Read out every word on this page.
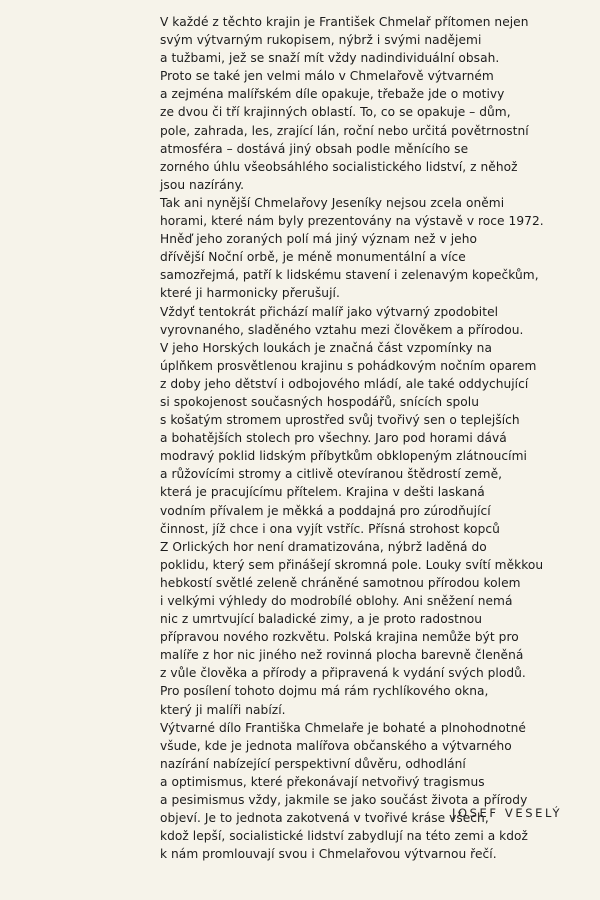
V každé z těchto krajin je František Chmelař přítomen nejen
svým výtvarným rukopisem, nýbrž i svými nadějemi
a tužbami, jež se snaží mít vždy nadindividuální obsah.
Proto se také jen velmi málo v Chmelařově výtvarném
a zejména malířském díle opakuje, třebaže jde o motivy
ze dvou či tří krajinných oblastí. To, co se opakuje – dům,
pole, zahrada, les, zrající lán, roční nebo určitá povětrnostní
atmosféra – dostává jiný obsah podle měnícího se
zorného úhlu všeobsáhlého socialistického lidství, z něhož
jsou nazírány.
Tak ani nynější Chmelařovy Jeseníky nejsou zcela oněmi
horami, které nám byly prezentovány na výstavě v roce 1972.
Hněď jeho zoraných polí má jiný význam než v jeho
dřívější Noční orbě, je méně monumentální a více
samozřejmá, patří k lidskému stavení i zelenavým kopečkům,
které ji harmonicky přerušují.
Vždyť tentokrát přichází malíř jako výtvarný zpodobitel
vyrovnaného, sladěného vztahu mezi člověkem a přírodou.
V jeho Horských loukách je značná část vzpomínky na
úplňkem prosvětlenou krajinu s pohádkovým nočním oparem
z doby jeho dětství i odbojového mládí, ale také oddychující
si spokojenost současných hospodářů, snících spolu
s košatým stromem uprostřed svůj tvořivý sen o teplejších
a bohatějších stolech pro všechny. Jaro pod horami dává
modravý poklid lidským příbytkům obklopeným zlátnoucími
a růžovícími stromy a citlivě otevíranou štědrostí země,
která je pracujícímu přítelem. Krajina v dešti laskaná
vodním přívalem je měkká a poddajná pro zúrodňující
činnost, jíž chce i ona vyjít vstříc. Přísná strohost kopců
Z Orlických hor není dramatizována, nýbrž laděná do
poklidu, který sem přinášejí skromná pole. Louky svítí měkkou
hebkostí světlé zeleně chráněné samotnou přírodou kolem
i velkými výhledy do modrobílé oblohy. Ani sněžení nemá
nic z umrtvující baladické zimy, a je proto radostnou
přípravou nového rozkvětu. Polská krajina nemůže být pro
malíře z hor nic jiného než rovinná plocha barevně členěná
z vůle člověka a přírody a připravená k vydání svých plodů.
Pro posílení tohoto dojmu má rám rychlíkového okna,
který ji malíři nabízí.
Výtvarné dílo Františka Chmelaře je bohaté a plnohodnotné
všude, kde je jednota malířova občanského a výtvarného
nazírání nabízející perspektivní důvěru, odhodlání
a optimismus, které překonávají netvořivý tragismus
a pesimismus vždy, jakmile se jako součást života a přírody
objeví. Je to jednota zakotvená v tvořivé kráse všech,
kdož lepší, socialistické lidství zabydlují na této zemi a kdož
k nám promlouvají svou i Chmelařovou výtvarnou řečí.
JOSEF VESELÝ
